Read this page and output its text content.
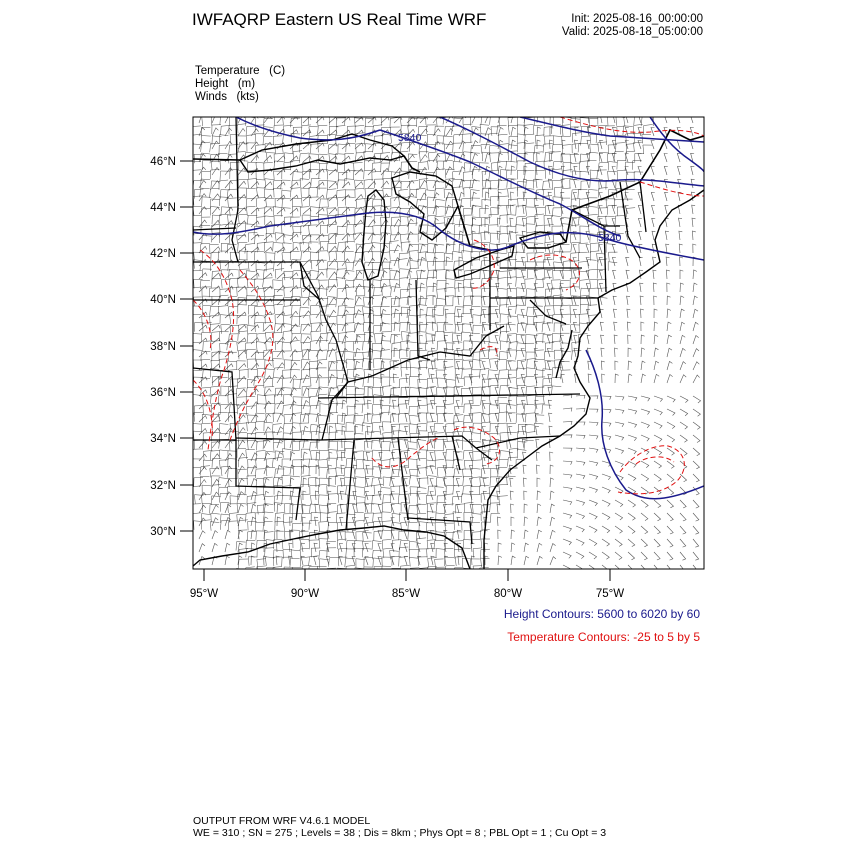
IWFAQRP Eastern US Real Time WRF	Init: 2025-08-16_00:00:00
Valid: 2025-08-18_05:00:00
Temperature   (C)
Height   (m)
Winds   (kts)
5840
5840
46°N
44°N
42°N
40°N
38°N
36°N
34°N
32°N
30°N
95°W	90°W	85°W	80°W	75°W
Height Contours: 5600 to 6020 by 60
Temperature Contours: -25 to 5 by 5
OUTPUT FROM WRF V4.6.1 MODEL
WE = 310 ; SN = 275 ; Levels = 38 ; Dis = 8km ; Phys Opt = 8 ; PBL Opt = 1 ; Cu Opt = 3
